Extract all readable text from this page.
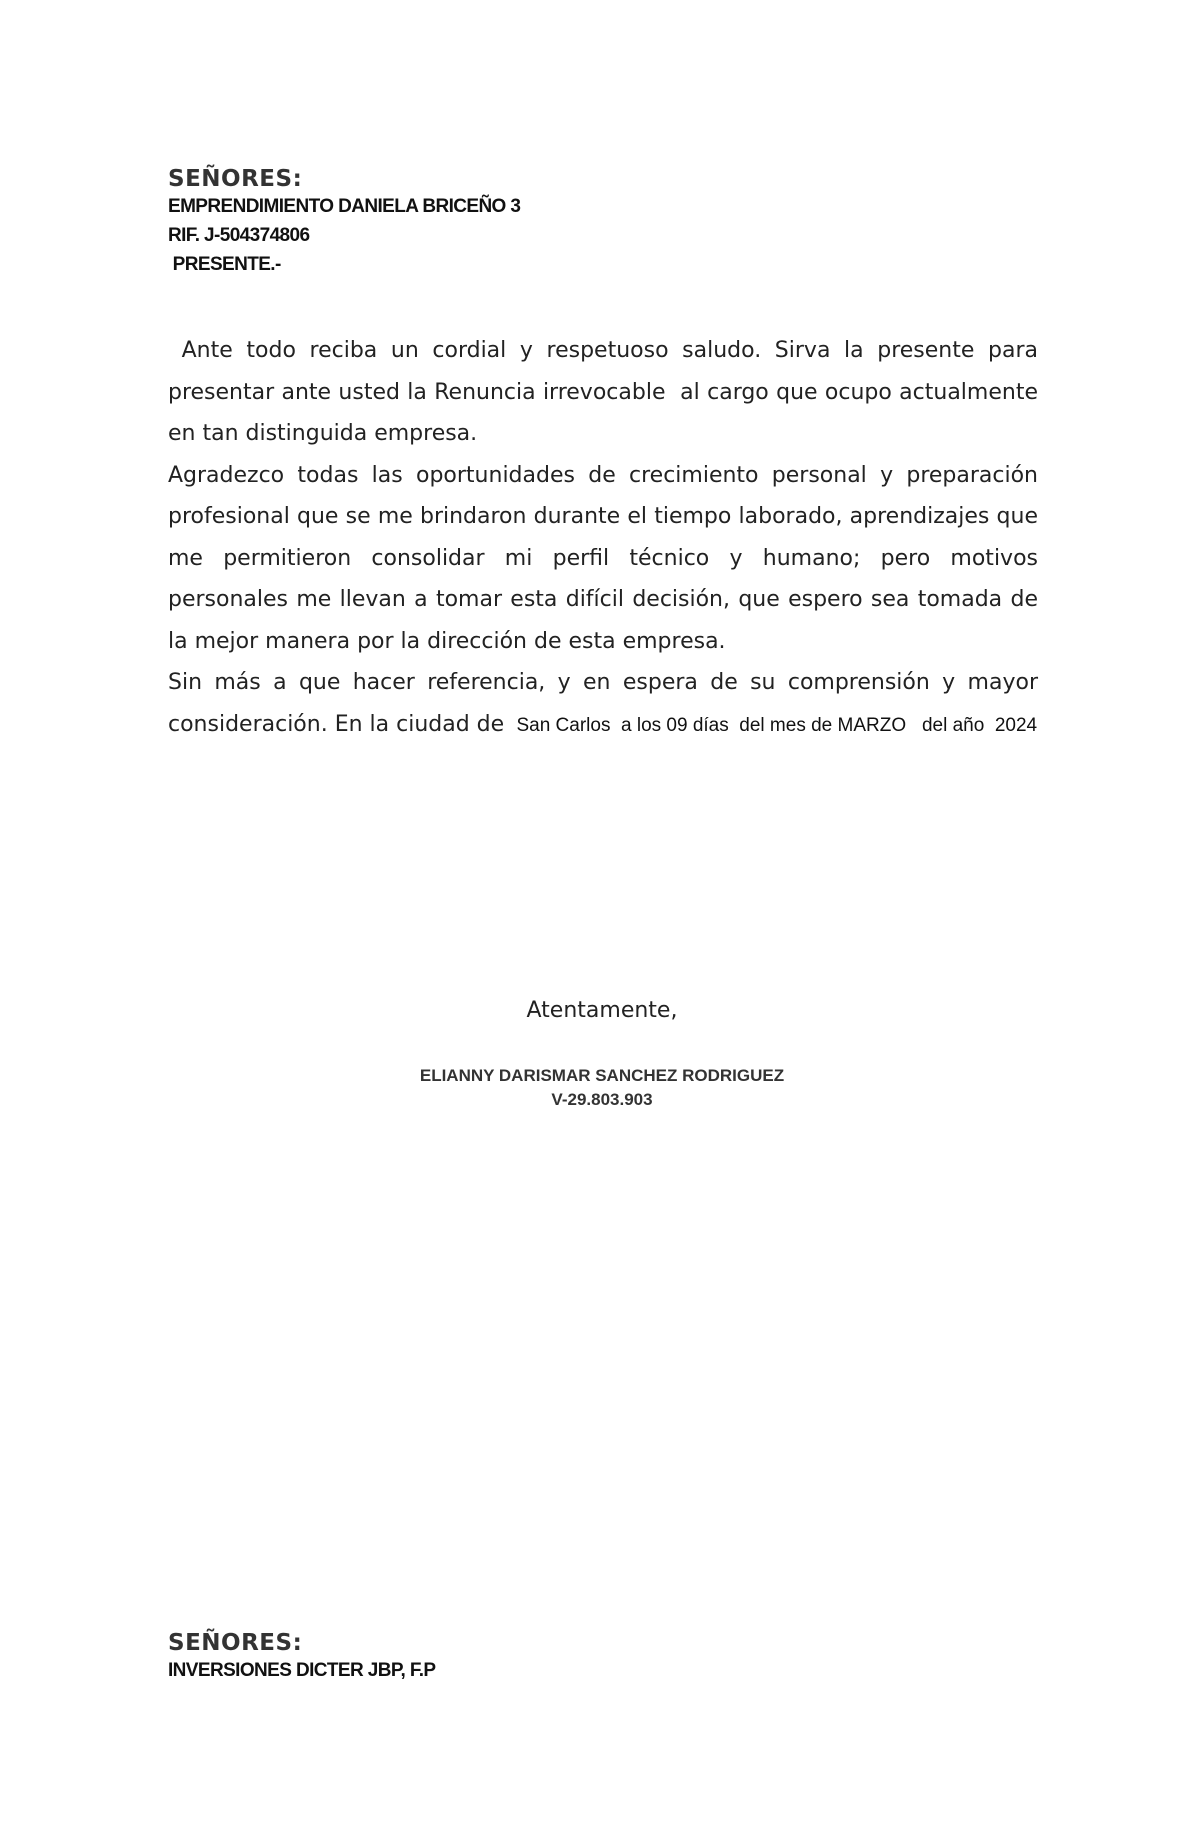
SEÑORES:
EMPRENDIMIENTO DANIELA BRICEÑO 3
RIF. J-504374806
PRESENTE.-

Ante todo reciba un cordial y respetuoso saludo. Sirva la presente para presentar ante usted la Renuncia irrevocable  al cargo que ocupo actualmente en tan distinguida empresa.

Agradezco todas las oportunidades de crecimiento personal y preparación profesional que se me brindaron durante el tiempo laborado, aprendizajes que me permitieron consolidar mi perfil técnico y humano; pero motivos personales me llevan a tomar esta difícil decisión, que espero sea tomada de la mejor manera por la dirección de esta empresa.

Sin más a que hacer referencia, y en espera de su comprensión y mayor consideración. En la ciudad de  San Carlos  a los 09 días  del mes de MARZO   del año  2024

Atentamente,
ELIANNY DARISMAR SANCHEZ RODRIGUEZ
V-29.803.903
SEÑORES:
INVERSIONES DICTER JBP, F.P
